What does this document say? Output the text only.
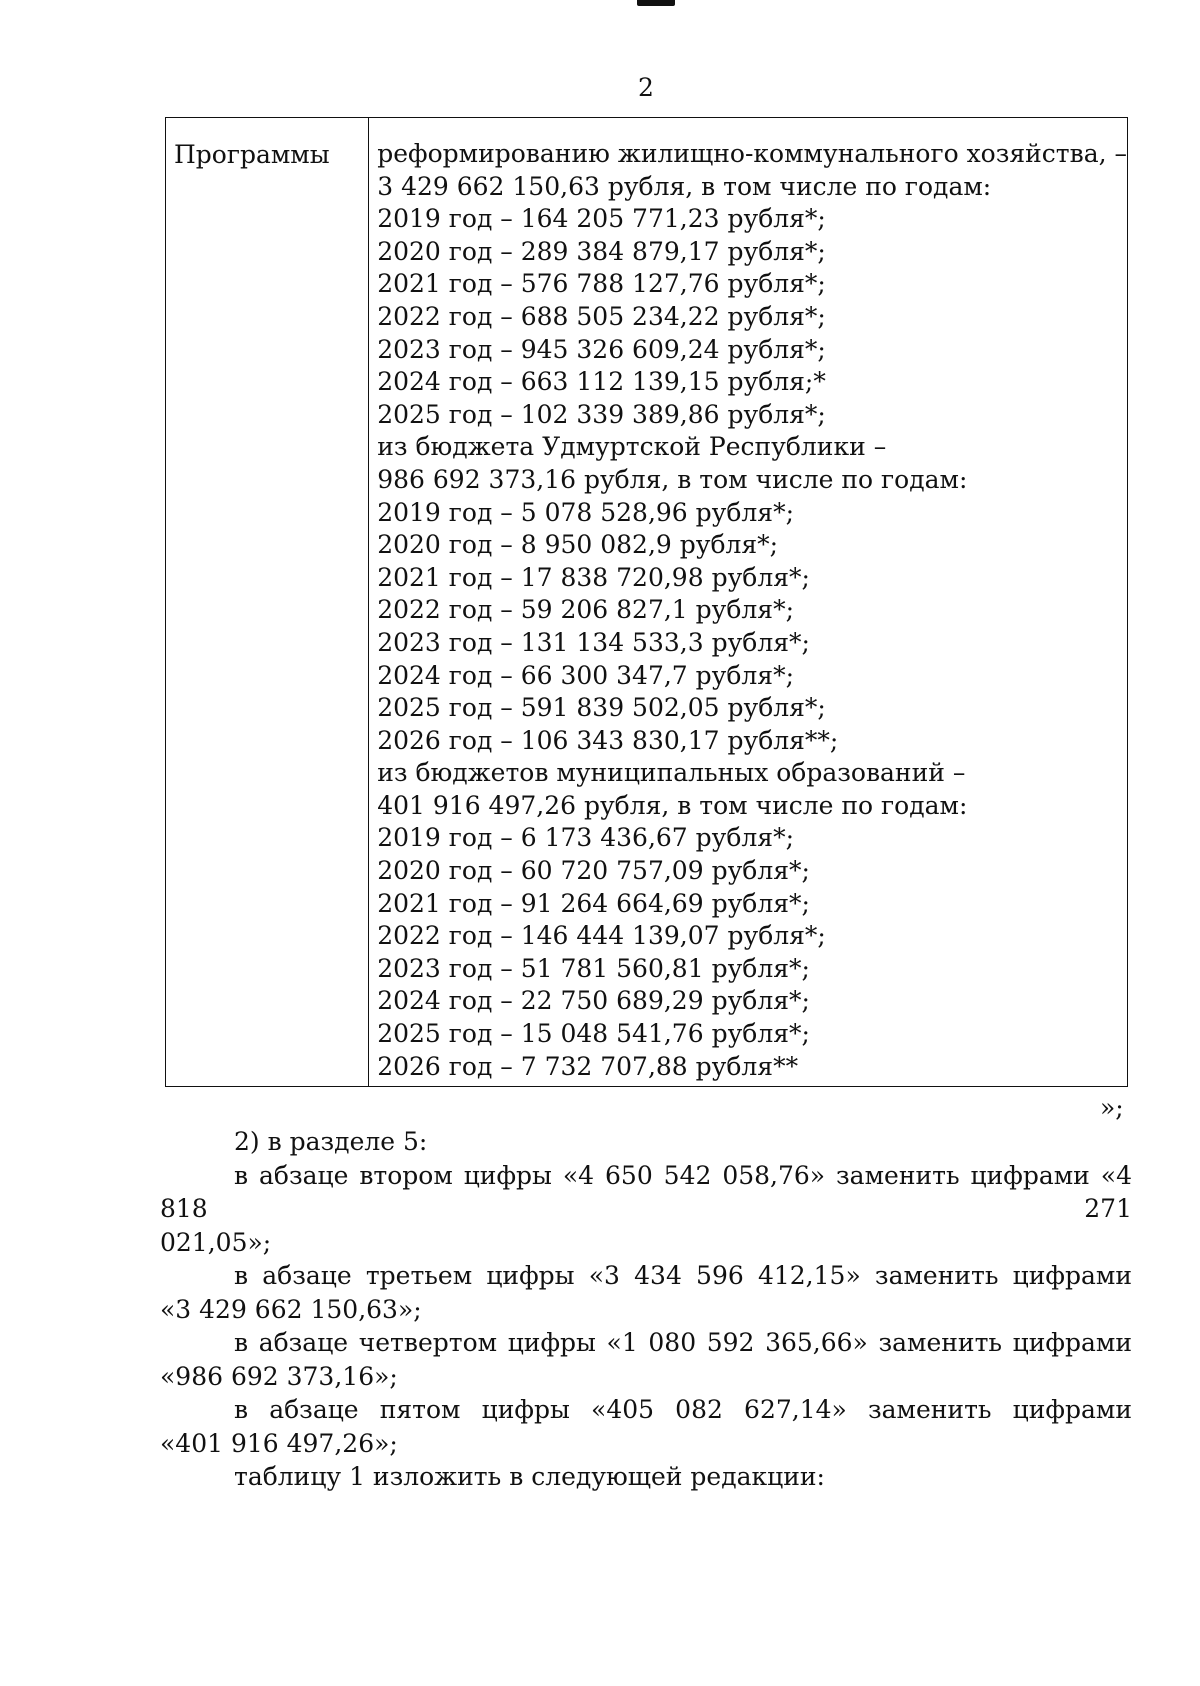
2
Программы	реформированию жилищно-коммунального хозяйства, –
3 429 662 150,63 рубля, в том числе по годам:
2019 год – 164 205 771,23 рубля*;
2020 год – 289 384 879,17 рубля*;
2021 год – 576 788 127,76 рубля*;
2022 год – 688 505 234,22 рубля*;
2023 год – 945 326 609,24 рубля*;
2024 год – 663 112 139,15 рубля;*
2025 год – 102 339 389,86 рубля*;
из бюджета Удмуртской Республики –
986 692 373,16 рубля, в том числе по годам:
2019 год – 5 078 528,96 рубля*;
2020 год – 8 950 082,9 рубля*;
2021 год – 17 838 720,98 рубля*;
2022 год – 59 206 827,1 рубля*;
2023 год – 131 134 533,3 рубля*;
2024 год – 66 300 347,7 рубля*;
2025 год – 591 839 502,05 рубля*;
2026 год – 106 343 830,17 рубля**;
из бюджетов муниципальных образований –
401 916 497,26 рубля, в том числе по годам:
2019 год – 6 173 436,67 рубля*;
2020 год – 60 720 757,09 рубля*;
2021 год – 91 264 664,69 рубля*;
2022 год – 146 444 139,07 рубля*;
2023 год – 51 781 560,81 рубля*;
2024 год – 22 750 689,29 рубля*;
2025 год – 15 048 541,76 рубля*;
2026 год – 7 732 707,88 рубля**
»;

2) в разделе 5:

в абзаце втором цифры «4 650 542 058,76» заменить цифрами «4 818 271
021,05»;

в абзаце третьем цифры «3 434 596 412,15» заменить цифрами
«3 429 662 150,63»;

в абзаце четвертом цифры «1 080 592 365,66» заменить цифрами
«986 692 373,16»;

в абзаце пятом цифры «405 082 627,14» заменить цифрами
«401 916 497,26»;

таблицу 1 изложить в следующей редакции:
